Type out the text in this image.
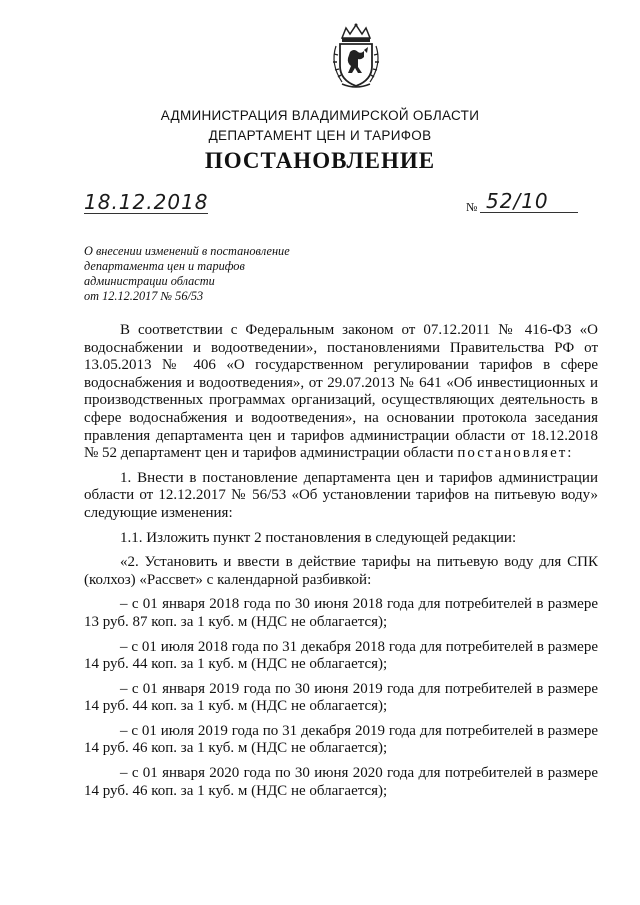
АДМИНИСТРАЦИЯ ВЛАДИМИРСКОЙ ОБЛАСТИ
ДЕПАРТАМЕНТ ЦЕН И ТАРИФОВ
ПОСТАНОВЛЕНИЕ
18.12.2018	№ 52/10
О внесении изменений в постановление
департамента цен и тарифов
администрации области
от 12.12.2017 № 56/53

В соответствии с Федеральным законом от 07.12.2011 № 416-ФЗ «О водоснабжении и водоотведении», постановлениями Правительства РФ от 13.05.2013 № 406 «О государственном регулировании тарифов в сфере водоснабжения и водоотведения», от 29.07.2013 № 641 «Об инвестиционных и производственных программах организаций, осуществляющих деятельность в сфере водоснабжения и водоотведения», на основании протокола заседания правления департамента цен и тарифов администрации области от 18.12.2018 № 52 департамент цен и тарифов администрации области постановляет:

1. Внести в постановление департамента цен и тарифов администрации области от 12.12.2017 № 56/53 «Об установлении тарифов на питьевую воду» следующие изменения:

1.1. Изложить пункт 2 постановления в следующей редакции:

«2. Установить и ввести в действие тарифы на питьевую воду для СПК (колхоз) «Рассвет» с календарной разбивкой:

– с 01 января 2018 года по 30 июня 2018 года для потребителей в размере 13 руб. 87 коп. за 1 куб. м (НДС не облагается);

– с 01 июля 2018 года по 31 декабря 2018 года для потребителей в размере 14 руб. 44 коп. за 1 куб. м (НДС не облагается);

– с 01 января 2019 года по 30 июня 2019 года для потребителей в размере 14 руб. 44 коп. за 1 куб. м (НДС не облагается);

– с 01 июля 2019 года по 31 декабря 2019 года для потребителей в размере 14 руб. 46 коп. за 1 куб. м (НДС не облагается);

– с 01 января 2020 года по 30 июня 2020 года для потребителей в размере 14 руб. 46 коп. за 1 куб. м (НДС не облагается);
